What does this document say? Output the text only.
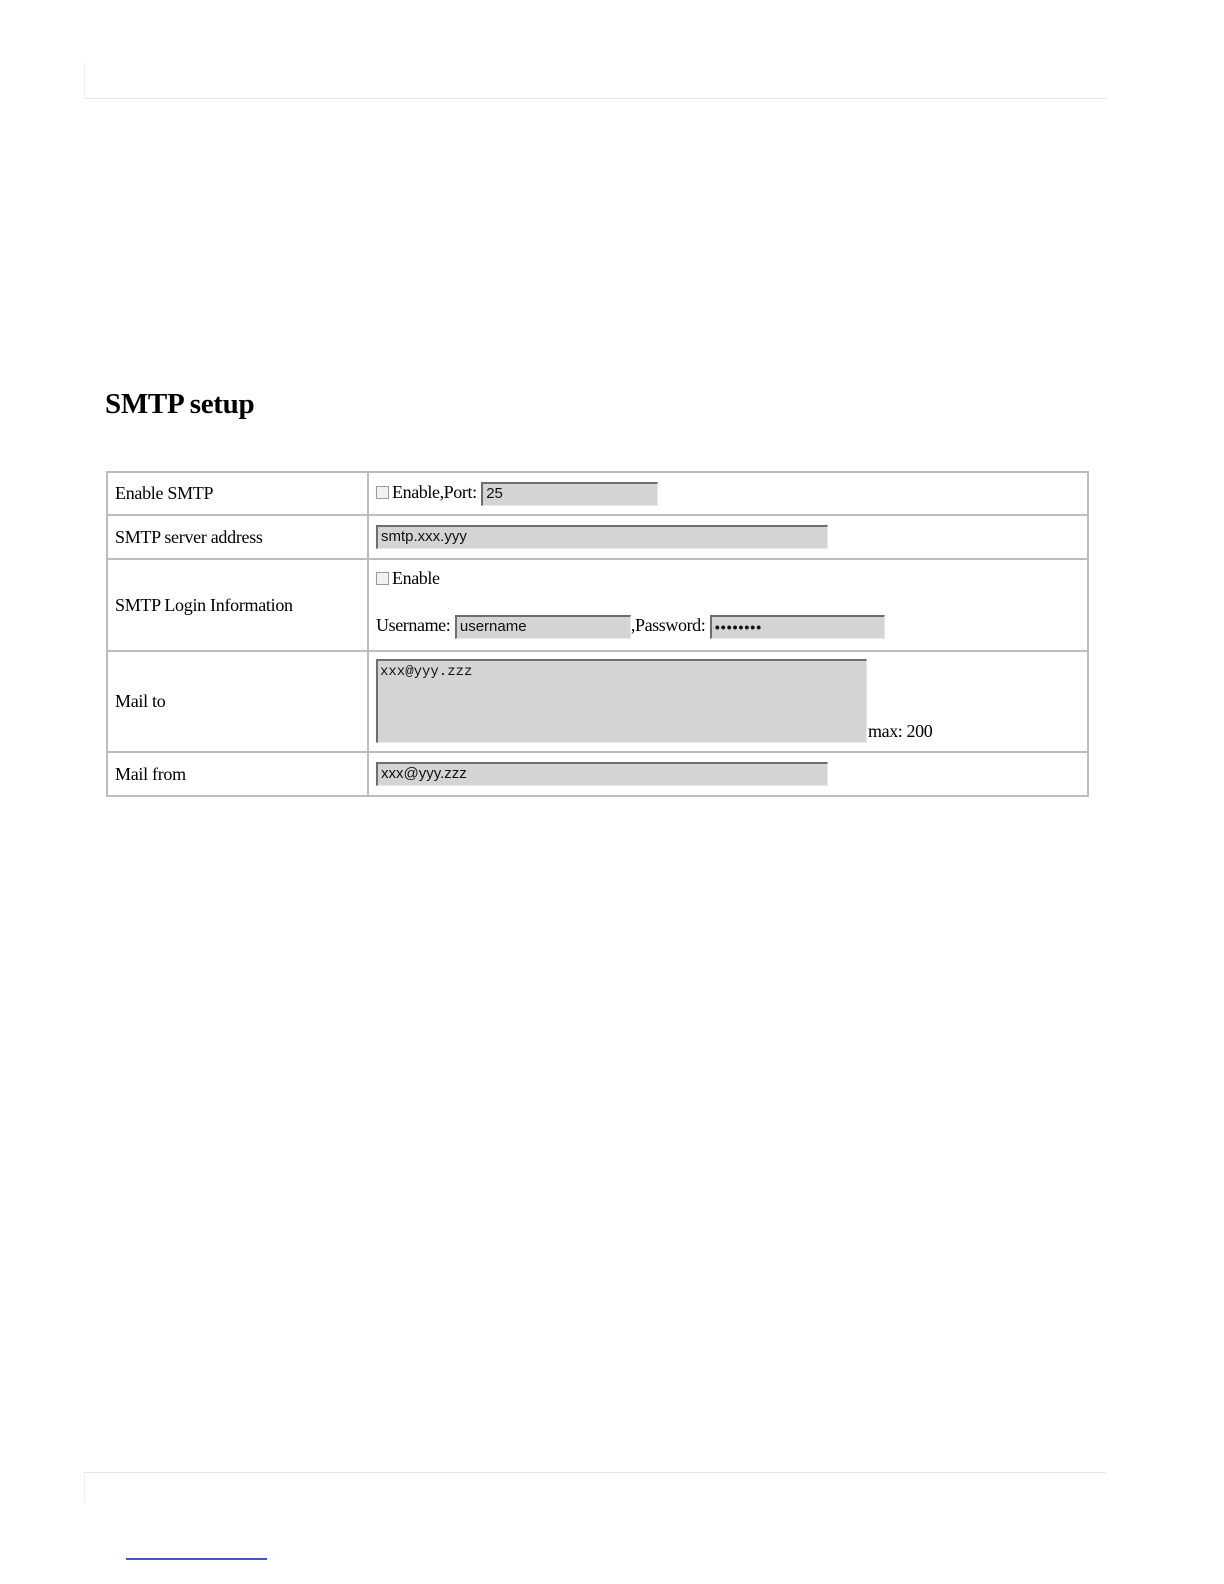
SMTP setup
Enable SMTP	Enable,Port: 25
SMTP server address	smtp.xxx.yyy
SMTP Login Information	Enable
Username: username ,Password: ••••••••

Mail to	xxx@yyy.zzz
max: 200

Mail from	xxx@yyy.zzz
